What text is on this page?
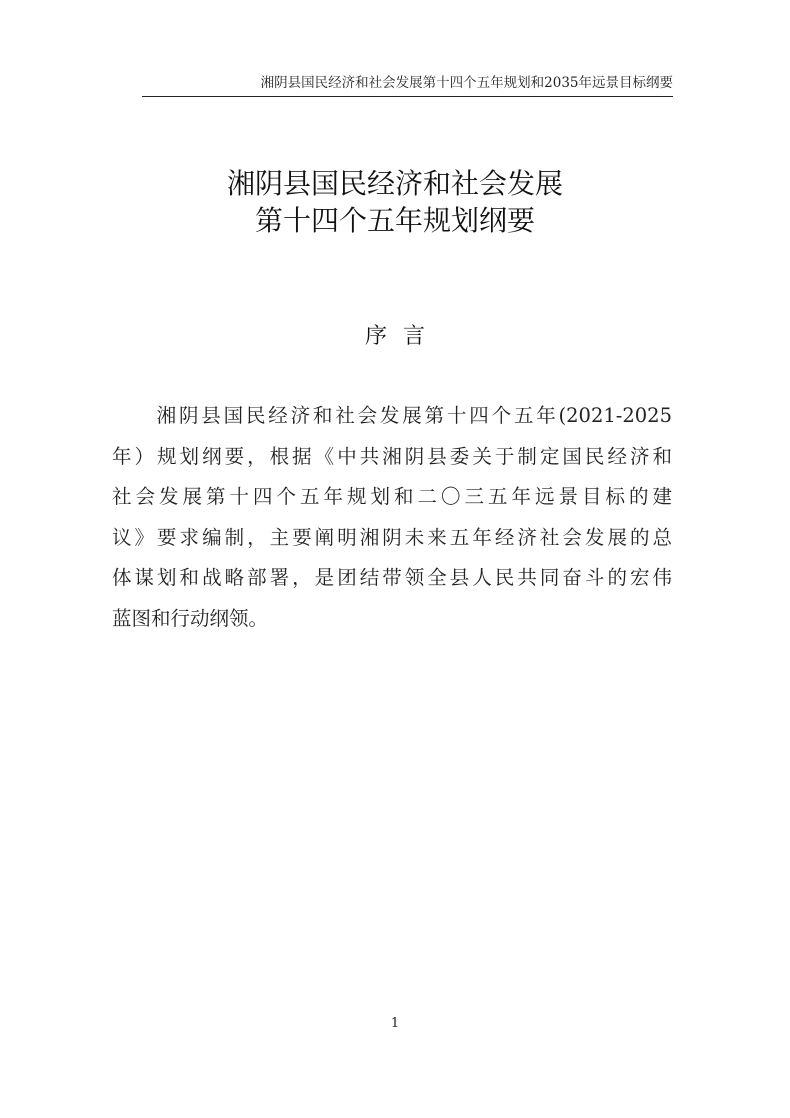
湘阴县国民经济和社会发展第十四个五年规划和2035年远景目标纲要
湘阴县国民经济和社会发展
第十四个五年规划纲要
序言
　　湘阴县国民经济和社会发展第十四个五年(2021-2025
年）规划纲要，根据《中共湘阴县委关于制定国民经济和
社会发展第十四个五年规划和二〇三五年远景目标的建
议》要求编制，主要阐明湘阴未来五年经济社会发展的总
体谋划和战略部署，是团结带领全县人民共同奋斗的宏伟
蓝图和行动纲领。
1
